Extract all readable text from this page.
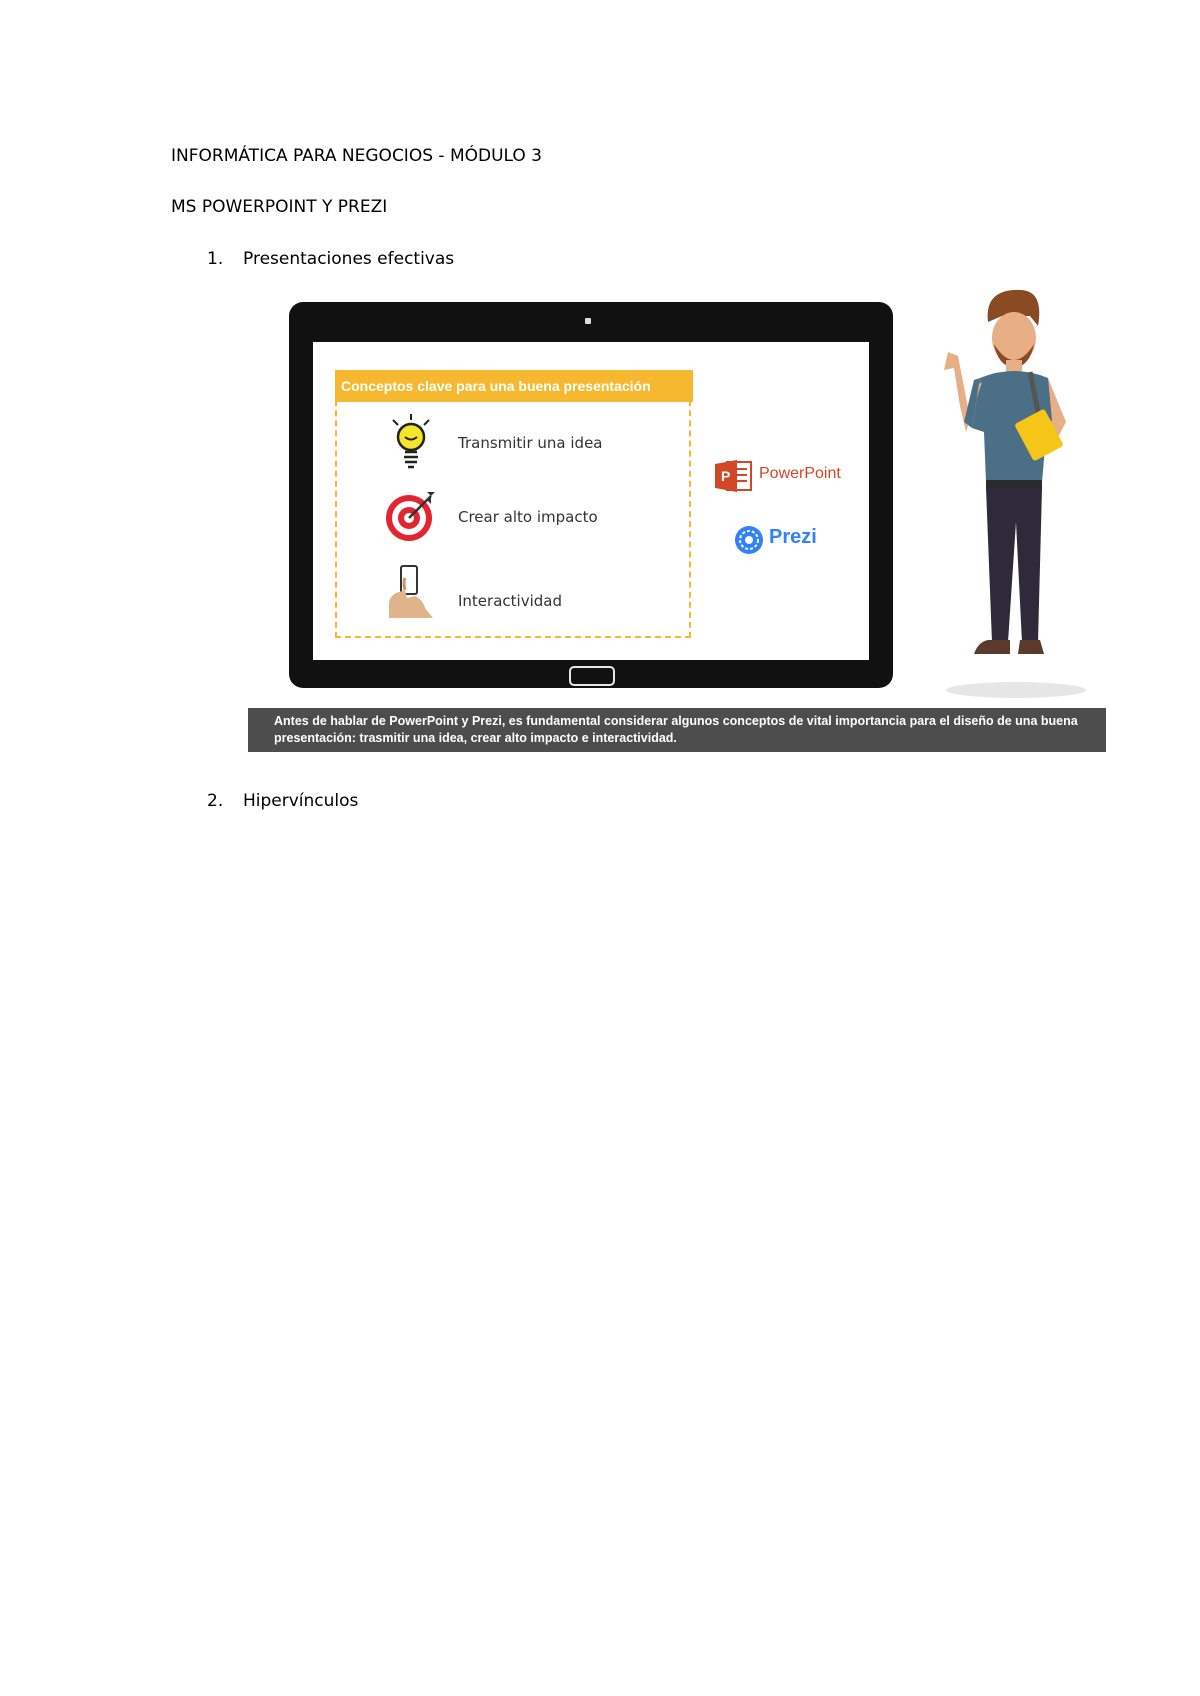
INFORMÁTICA PARA NEGOCIOS - MÓDULO 3
MS POWERPOINT Y PREZI
1. Presentaciones efectivas
Conceptos clave para una buena presentación
Transmitir una idea
Crear alto impacto
Interactividad
P PowerPoint
Prezi
Antes de hablar de PowerPoint y Prezi, es fundamental considerar algunos conceptos de vital importancia para el diseño de una buena presentación: trasmitir una idea, crear alto impacto e interactividad.
2. Hipervínculos
